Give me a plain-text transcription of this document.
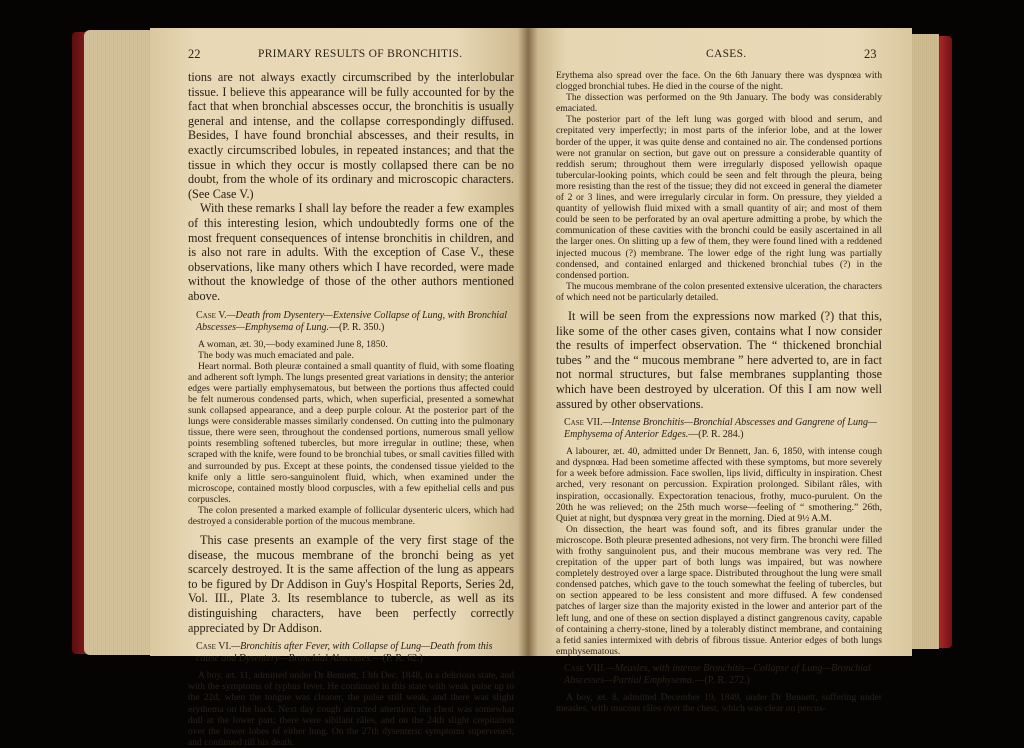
22	PRIMARY RESULTS OF BRONCHITIS.

tions are not always exactly circumscribed by the interlobular tissue. I believe this appearance will be fully accounted for by the fact that when bronchial abscesses occur, the bronchitis is usually general and intense, and the collapse correspondingly diffused. Besides, I have found bronchial abscesses, and their results, in exactly circumscribed lobules, in repeated instances; and that the tissue in which they occur is mostly collapsed there can be no doubt, from the whole of its ordinary and microscopic characters. (See Case V.)

With these remarks I shall lay before the reader a few examples of this interesting lesion, which undoubtedly forms one of the most frequent consequences of intense bronchitis in children, and is also not rare in adults. With the exception of Case V., these observations, like many others which I have recorded, were made without the knowledge of those of the other authors mentioned above.

Case V.—Death from Dysentery—Extensive Collapse of Lung, with Bronchial Abscesses—Emphysema of Lung.—(P. R. 350.)

A woman, æt. 30,—body examined June 8, 1850.

The body was much emaciated and pale.

Heart normal. Both pleuræ contained a small quantity of fluid, with some floating and adherent soft lymph. The lungs presented great variations in density; the anterior edges were partially emphysematous, but between the portions thus affected could be felt numerous condensed parts, which, when superficial, presented a somewhat sunk collapsed appearance, and a deep purple colour. At the posterior part of the lungs were considerable masses similarly condensed. On cutting into the pulmonary tissue, there were seen, throughout the condensed portions, numerous small yellow points resembling softened tubercles, but more irregular in outline; these, when scraped with the knife, were found to be bronchial tubes, or small cavities filled with and surrounded by pus. Except at these points, the condensed tissue yielded to the knife only a little sero-sanguinolent fluid, which, when examined under the microscope, contained mostly blood corpuscles, with a few epithelial cells and pus corpuscles.

The colon presented a marked example of follicular dysenteric ulcers, which had destroyed a considerable portion of the mucous membrane.

This case presents an example of the very first stage of the disease, the mucous membrane of the bronchi being as yet scarcely destroyed. It is the same affection of the lung as appears to be figured by Dr Addison in Guy's Hospital Reports, Series 2d, Vol. III., Plate 3. Its resemblance to tubercle, as well as its distinguishing characters, have been perfectly correctly appreciated by Dr Addison.

Case VI.—Bronchitis after Fever, with Collapse of Lung—Death from this cause and Dysentery—Bronchial Abscesses.—(P. R. 62.)

A boy, æt. 11, admitted under Dr Bennett, 13th Dec. 1848, in a delirious state, and with the symptoms of typhus fever. He continued in this state with weak pulse up to the 22d, when the tongue was cleaner, the pulse still weak, and there was slight erythema on the back. Next day cough attracted attention; the chest was somewhat dull at the lower part; there were sibilant râles, and on the 24th slight crepitation over the lower lobes of either lung. On the 27th dysenteric symptoms supervened, and continued till his death.

CASES.	23

Erythema also spread over the face. On the 6th January there was dyspnœa with clogged bronchial tubes. He died in the course of the night.

The dissection was performed on the 9th January. The body was considerably emaciated.

The posterior part of the left lung was gorged with blood and serum, and crepitated very imperfectly; in most parts of the inferior lobe, and at the lower border of the upper, it was quite dense and contained no air. The condensed portions were not granular on section, but gave out on pressure a considerable quantity of reddish serum; throughout them were irregularly disposed yellowish opaque tubercular-looking points, which could be seen and felt through the pleura, being more resisting than the rest of the tissue; they did not exceed in general the diameter of 2 or 3 lines, and were irregularly circular in form. On pressure, they yielded a quantity of yellowish fluid mixed with a small quantity of air; and most of them could be seen to be perforated by an oval aperture admitting a probe, by which the communication of these cavities with the bronchi could be easily ascertained in all the larger ones. On slitting up a few of them, they were found lined with a reddened injected mucous (?) membrane. The lower edge of the right lung was partially condensed, and contained enlarged and thickened bronchial tubes (?) in the condensed portion.

The mucous membrane of the colon presented extensive ulceration, the characters of which need not be particularly detailed.

It will be seen from the expressions now marked (?) that this, like some of the other cases given, contains what I now consider the results of imperfect observation. The “ thickened bronchial tubes ” and the “ mucous membrane ” here adverted to, are in fact not normal structures, but false membranes supplanting those which have been destroyed by ulceration. Of this I am now well assured by other observations.

Case VII.—Intense Bronchitis—Bronchial Abscesses and Gangrene of Lung—Emphysema of Anterior Edges.—(P. R. 284.)

A labourer, æt. 40, admitted under Dr Bennett, Jan. 6, 1850, with intense cough and dyspnœa. Had been sometime affected with these symptoms, but more severely for a week before admission. Face swollen, lips livid, difficulty in inspiration. Chest arched, very resonant on percussion. Expiration prolonged. Sibilant râles, with inspiration, occasionally. Expectoration tenacious, frothy, muco-purulent. On the 20th he was relieved; on the 25th much worse—feeling of “ smothering.” 26th, Quiet at night, but dyspnœa very great in the morning. Died at 9½ A.M.

On dissection, the heart was found soft, and its fibres granular under the microscope. Both pleuræ presented adhesions, not very firm. The bronchi were filled with frothy sanguinolent pus, and their mucous membrane was very red. The crepitation of the upper part of both lungs was impaired, but was nowhere completely destroyed over a large space. Distributed throughout the lung were small condensed patches, which gave to the touch somewhat the feeling of tubercles, but on section appeared to be less consistent and more diffused. A few condensed patches of larger size than the majority existed in the lower and anterior part of the left lung, and one of these on section displayed a distinct gangrenous cavity, capable of containing a cherry-stone, lined by a tolerably distinct membrane, and containing a fetid sanies intermixed with debris of fibrous tissue. Anterior edges of both lungs emphysematous.

Case VIII.—Measles, with intense Bronchitis—Collapse of Lung—Bronchial Abscesses—Partial Emphysema.—(P. R. 272.)

A boy, æt. 8, admitted December 19, 1849, under Dr Bennett, suffering under measles, with mucous râles over the chest, which was clear on percus-
